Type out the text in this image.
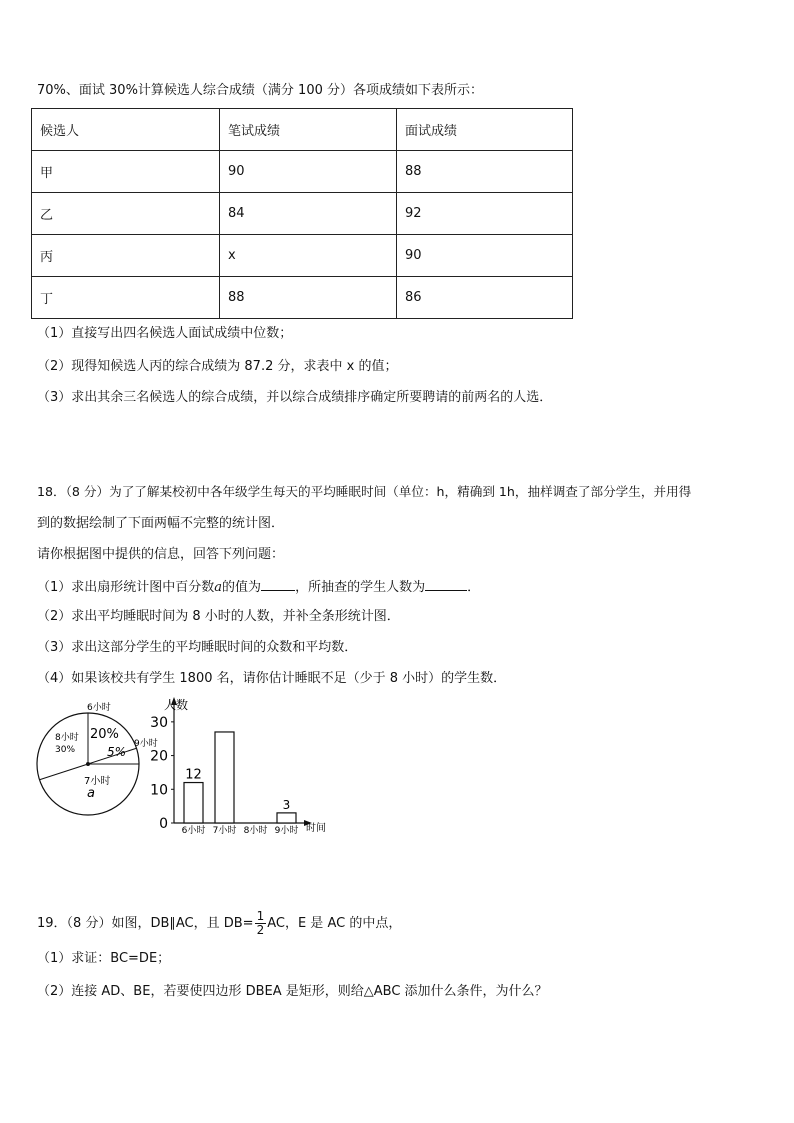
70%、面试 30%计算候选人综合成绩（满分 100 分）各项成绩如下表所示：
候选人	笔试成绩	面试成绩
甲	90	88
乙	84	92
丙	x	90
丁	88	86
（1）直接写出四名候选人面试成绩中位数；
（2）现得知候选人丙的综合成绩为 87.2 分，求表中 x 的值；
（3）求出其余三名候选人的综合成绩，并以综合成绩排序确定所要聘请的前两名的人选．
18．（8 分）为了了解某校初中各年级学生每天的平均睡眠时间（单位：h，精确到 1h，抽样调查了部分学生，并用得
到的数据绘制了下面两幅不完整的统计图．
请你根据图中提供的信息，回答下列问题：
（1）求出扇形统计图中百分数a的值为	，所抽查的学生人数为	．
（2）求出平均睡眠时间为 8 小时的人数，并补全条形统计图．
（3）求出这部分学生的平均睡眠时间的众数和平均数．
（4）如果该校共有学生 1800 名，请你估计睡眠不足（少于 8 小时）的学生数．
6小时
8小时
30%
20%
9小时
5%
7小时
a
人数
时间
0
10
20
30
12
6小时 7小时 8小时
3
9小时
19．（8 分）如图，DB∥AC，且 $DB= \frac{1}{2}$ AC，E 是 AC 的中点，
（1）求证：BC=DE；
（2）连接 AD、BE，若要使四边形 DBEA 是矩形，则给△ABC 添加什么条件，为什么？
